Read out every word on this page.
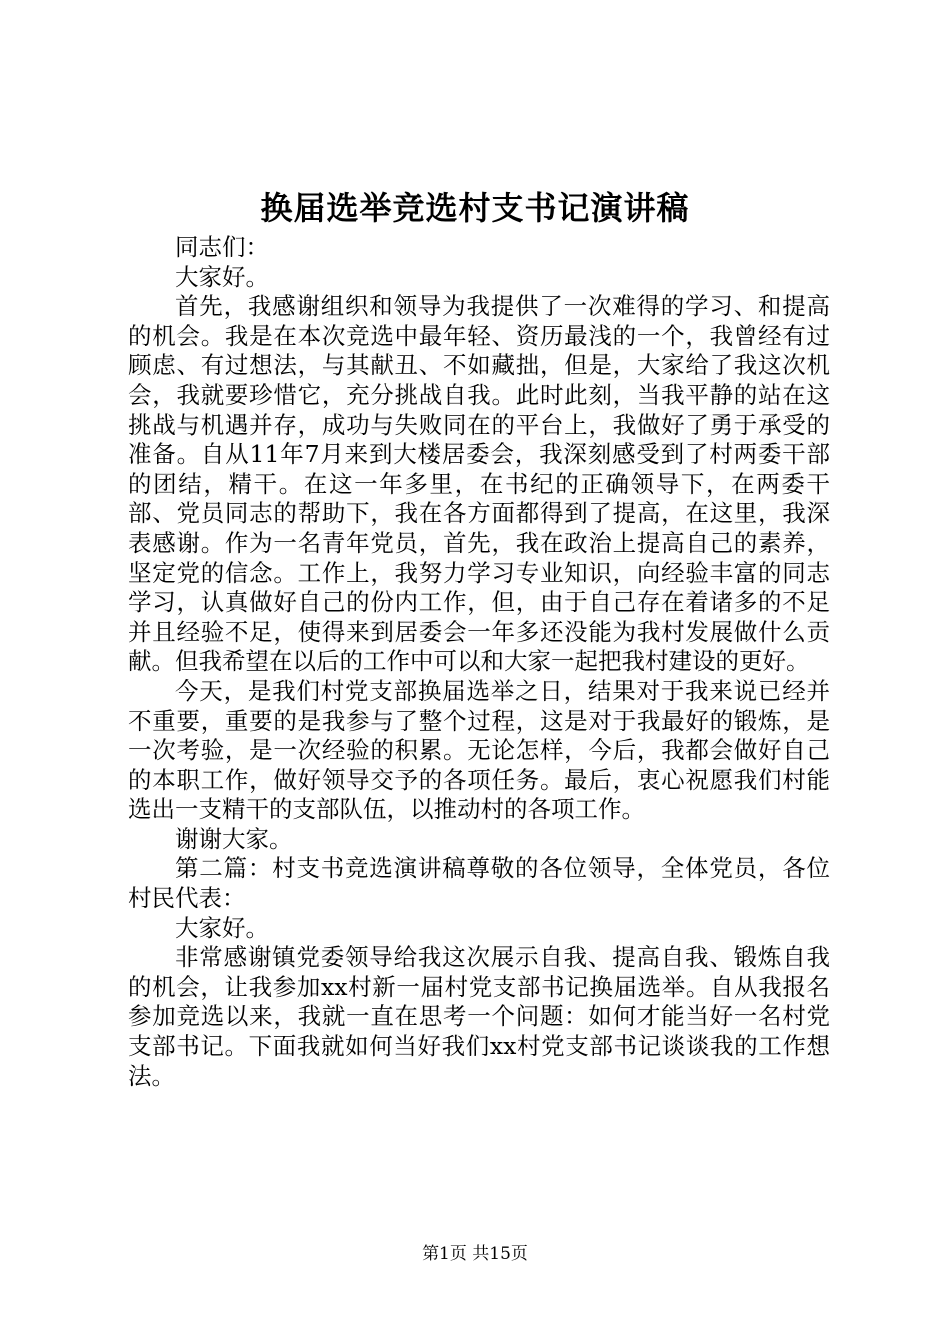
换届选举竞选村支书记演讲稿

同志们：

大家好。

首先，我感谢组织和领导为我提供了一次难得的学习、和提高的机会。我是在本次竞选中最年轻、资历最浅的一个，我曾经有过顾虑、有过想法，与其献丑、不如藏拙，但是，大家给了我这次机会，我就要珍惜它，充分挑战自我。此时此刻，当我平静的站在这挑战与机遇并存，成功与失败同在的平台上，我做好了勇于承受的准备。自从11年7月来到大楼居委会，我深刻感受到了村两委干部的团结，精干。在这一年多里，在书纪的正确领导下，在两委干部、党员同志的帮助下，我在各方面都得到了提高，在这里，我深表感谢。作为一名青年党员，首先，我在政治上提高自己的素养，坚定党的信念。工作上，我努力学习专业知识，向经验丰富的同志学习，认真做好自己的份内工作，但，由于自己存在着诸多的不足并且经验不足，使得来到居委会一年多还没能为我村发展做什么贡献。但我希望在以后的工作中可以和大家一起把我村建设的更好。

今天，是我们村党支部换届选举之日，结果对于我来说已经并不重要，重要的是我参与了整个过程，这是对于我最好的锻炼，是一次考验，是一次经验的积累。无论怎样，今后，我都会做好自己的本职工作，做好领导交予的各项任务。最后，衷心祝愿我们村能选出一支精干的支部队伍，以推动村的各项工作。

谢谢大家。

第二篇：村支书竞选演讲稿尊敬的各位领导，全体党员，各位村民代表：

大家好。

非常感谢镇党委领导给我这次展示自我、提高自我、锻炼自我的机会，让我参加xx村新一届村党支部书记换届选举。自从我报名参加竞选以来，我就一直在思考一个问题：如何才能当好一名村党支部书记。下面我就如何当好我们xx村党支部书记谈谈我的工作想法。

第1页 共15页
